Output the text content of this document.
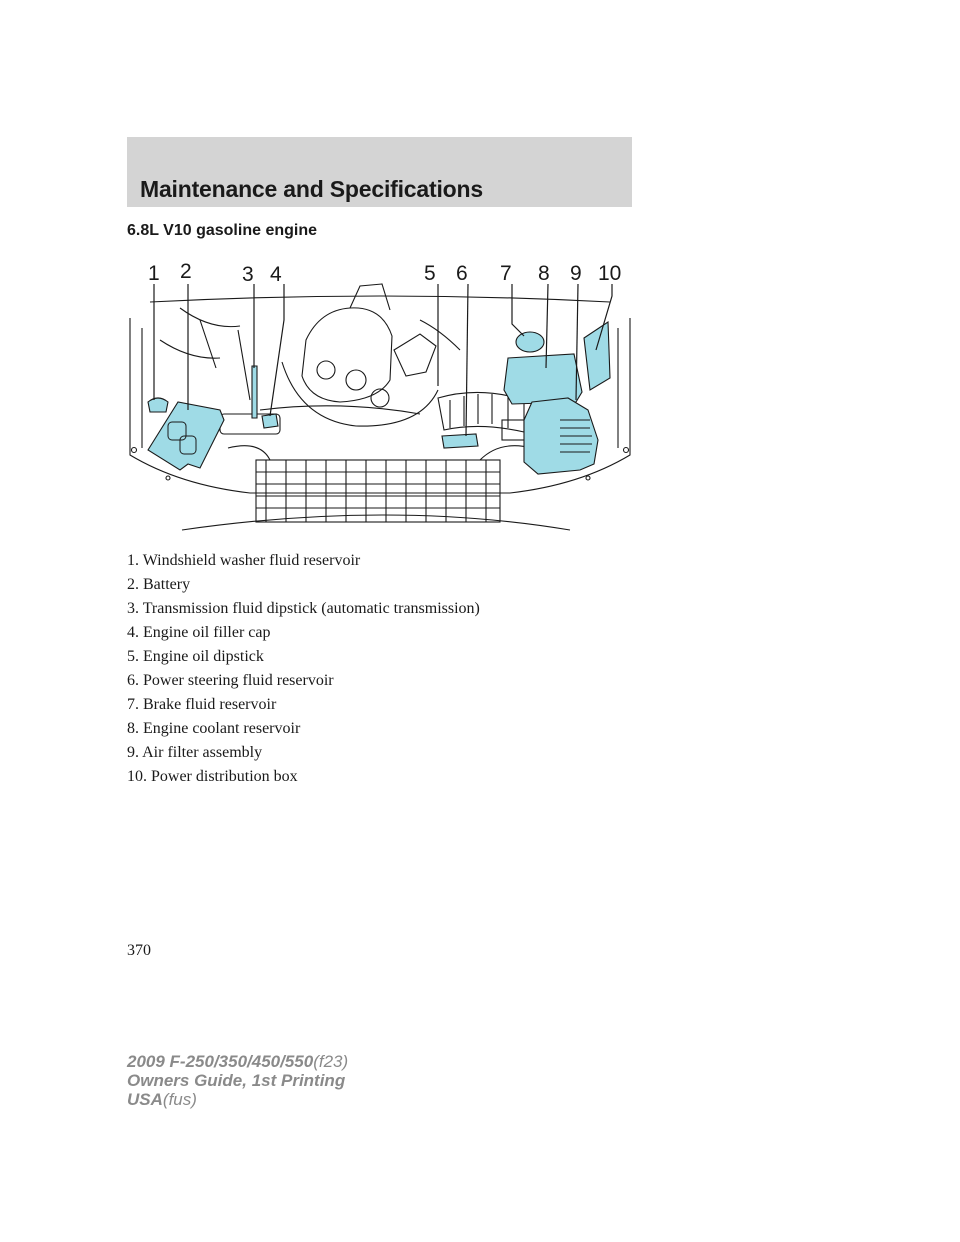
Maintenance and Specifications
6.8L V10 gasoline engine
1 2 3 4	5 6 7 8 9 10
1. Windshield washer fluid reservoir
2. Battery
3. Transmission fluid dipstick (automatic transmission)
4. Engine oil filler cap
5. Engine oil dipstick
6. Power steering fluid reservoir
7. Brake fluid reservoir
8. Engine coolant reservoir
9. Air filter assembly
10. Power distribution box
370
2009 F-250/350/450/550(f23)
Owners Guide, 1st Printing
USA(fus)
